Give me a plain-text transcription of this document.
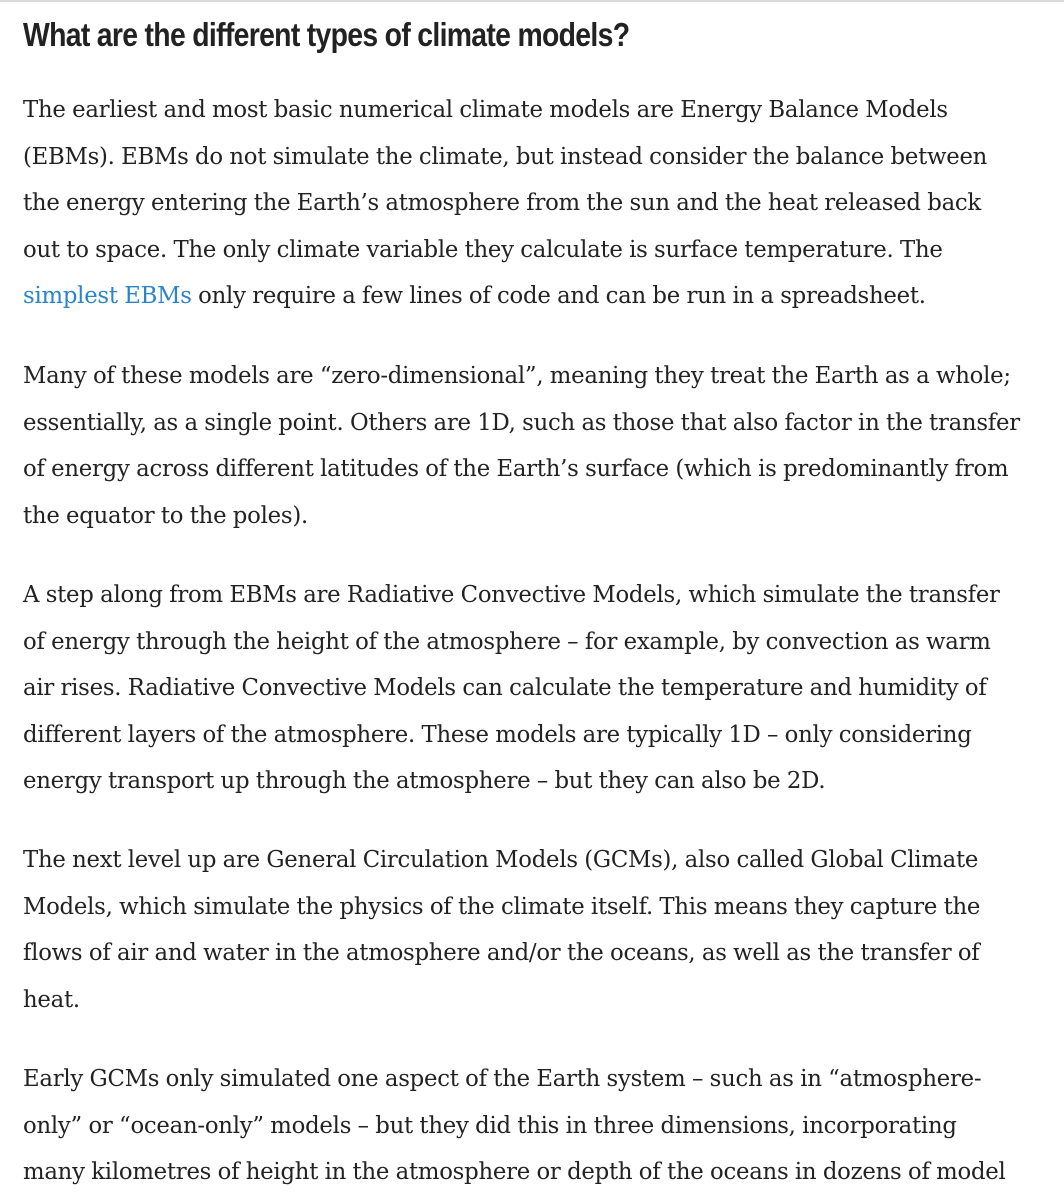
What are the different types of climate models?

The earliest and most basic numerical climate models are Energy Balance Models
(EBMs). EBMs do not simulate the climate, but instead consider the balance between
the energy entering the Earth’s atmosphere from the sun and the heat released back
out to space. The only climate variable they calculate is surface temperature. The
simplest EBMs only require a few lines of code and can be run in a spreadsheet.

Many of these models are “zero-dimensional”, meaning they treat the Earth as a whole;
essentially, as a single point. Others are 1D, such as those that also factor in the transfer
of energy across different latitudes of the Earth’s surface (which is predominantly from
the equator to the poles).

A step along from EBMs are Radiative Convective Models, which simulate the transfer
of energy through the height of the atmosphere – for example, by convection as warm
air rises. Radiative Convective Models can calculate the temperature and humidity of
different layers of the atmosphere. These models are typically 1D – only considering
energy transport up through the atmosphere – but they can also be 2D.

The next level up are General Circulation Models (GCMs), also called Global Climate
Models, which simulate the physics of the climate itself. This means they capture the
flows of air and water in the atmosphere and/or the oceans, as well as the transfer of
heat.

Early GCMs only simulated one aspect of the Earth system – such as in “atmosphere-
only” or “ocean-only” models – but they did this in three dimensions, incorporating
many kilometres of height in the atmosphere or depth of the oceans in dozens of model
